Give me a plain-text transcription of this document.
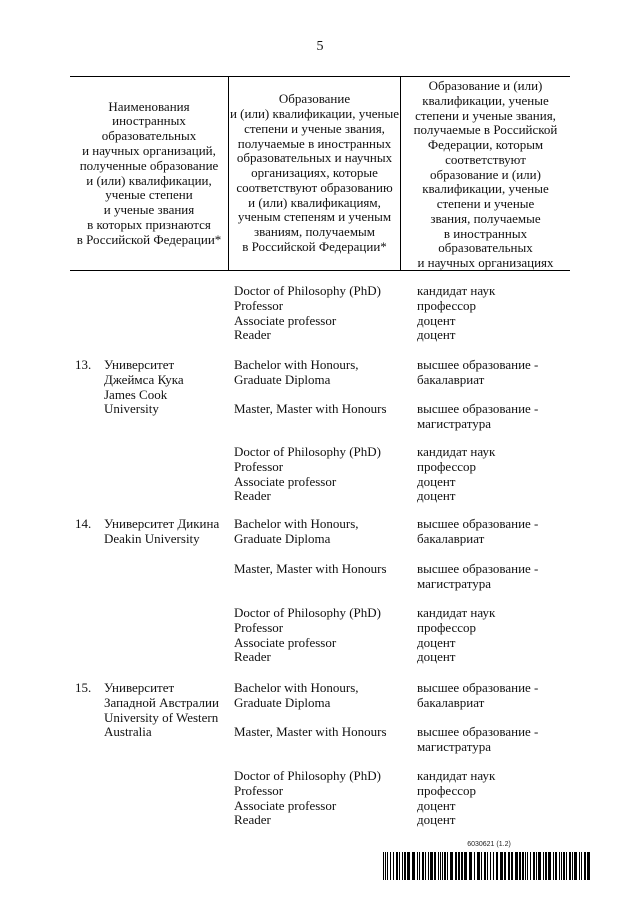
5
Наименования
иностранных
образовательных
и научных организаций,
полученные образование
и (или) квалификации,
ученые степени
и ученые звания
в которых признаются
в Российской Федерации*
Образование
и (или) квалификации, ученые
степени и ученые звания,
получаемые в иностранных
образовательных и научных
организациях, которые
соответствуют образованию
и (или) квалификациям,
ученым степеням и ученым
званиям, получаемым
в Российской Федерации*
Образование и (или)
квалификации, ученые
степени и ученые звания,
получаемые в Российской
Федерации, которым
соответствуют
образование и (или)
квалификации, ученые
степени и ученые
звания, получаемые
в иностранных
образовательных
и научных организациях
Doctor of Philosophy (PhD)
Professor
Associate professor
Reader
кандидат наук
профессор
доцент
доцент
13. Университет
Джеймса Кука
James Cook
University
Bachelor with Honours,
Graduate Diploma
высшее образование -
бакалавриат
Master, Master with Honours высшее образование -
магистратура
Doctor of Philosophy (PhD)
Professor
Associate professor
Reader
кандидат наук
профессор
доцент
доцент
14. Университет Дикина
Deakin University
Bachelor with Honours,
Graduate Diploma
высшее образование -
бакалавриат
Master, Master with Honours высшее образование -
магистратура
Doctor of Philosophy (PhD)
Professor
Associate professor
Reader
кандидат наук
профессор
доцент
доцент
15. Университет
Западной Австралии
University of Western
Australia
Bachelor with Honours,
Graduate Diploma
высшее образование -
бакалавриат
Master, Master with Honours высшее образование -
магистратура
Doctor of Philosophy (PhD)
Professor
Associate professor
Reader
кандидат наук
профессор
доцент
доцент
6030621 (1.2)
